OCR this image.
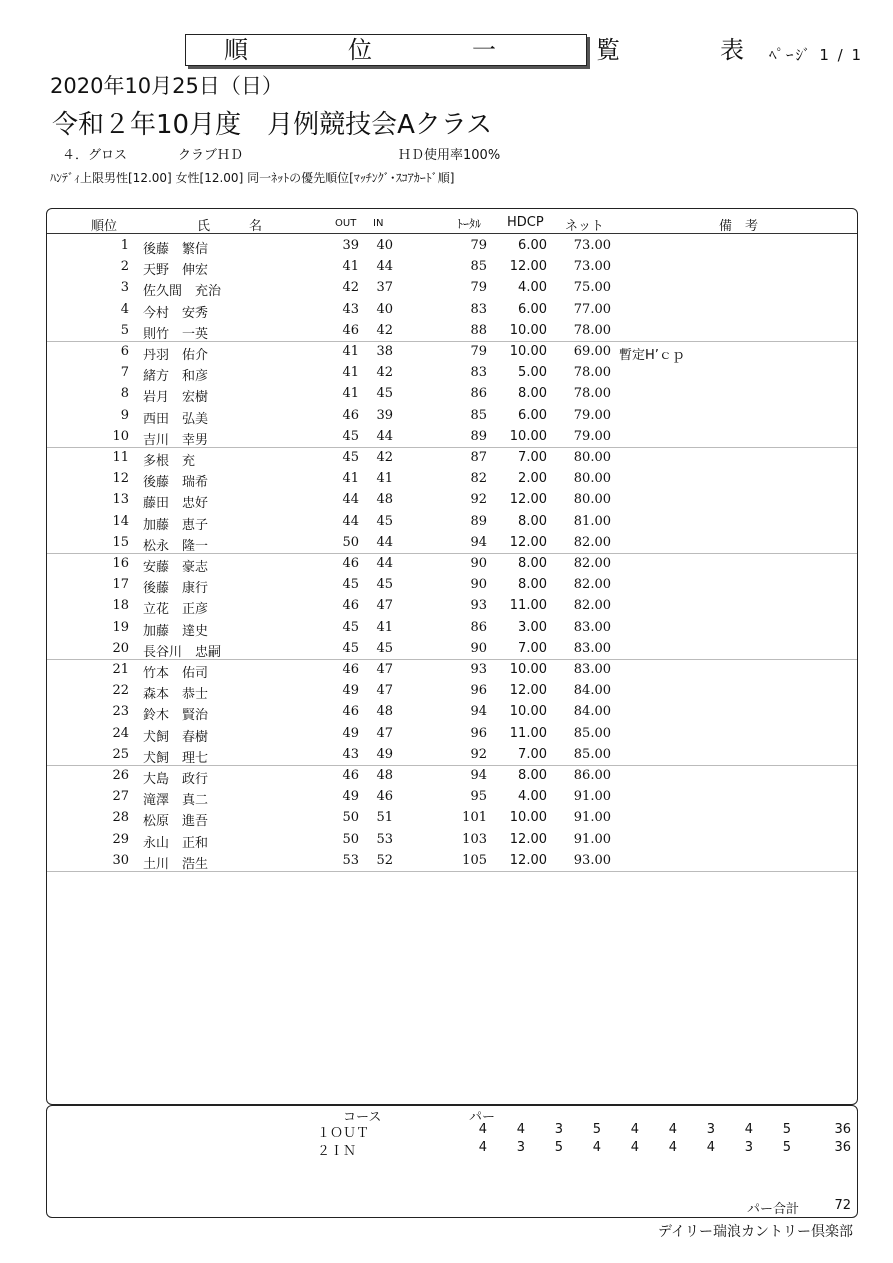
順　位　一　覧　表
ﾍﾟｰｼﾞ 1 / 1
2020年10月25日（日）
令和２年10月度　月例競技会Aクラス
４．グロス	クラブＨＤ	ＨＤ使用率100%
ﾊﾝﾃﾞｨ上限男性[12.00] 女性[12.00] 同一ﾈｯﾄの優先順位[ﾏｯﾁﾝｸﾞ･ｽｺｱｶｰﾄﾞ順]
順位	氏　　　名	OUT IN	ﾄｰﾀﾙ HDCP ネット	備　考
1 後藤　繁信	39	40	79	6.00	73.00
2 天野　伸宏	41	44	85	12.00	73.00
3 佐久間　充治	42	37	79	4.00	75.00
4 今村　安秀	43	40	83	6.00	77.00
5 則竹　一英	46	42	88	10.00	78.00
6 丹羽　佑介	41	38	79	10.00	69.00 暫定H’ｃｐ
7 緒方　和彦	41	42	83	5.00	78.00
8 岩月　宏樹	41	45	86	8.00	78.00
9 西田　弘美	46	39	85	6.00	79.00
10 吉川　幸男	45	44	89	10.00	79.00
11 多根　充	45	42	87	7.00	80.00
12 後藤　瑞希	41	41	82	2.00	80.00
13 藤田　忠好	44	48	92	12.00	80.00
14 加藤　恵子	44	45	89	8.00	81.00
15 松永　隆一	50	44	94	12.00	82.00
16 安藤　豪志	46	44	90	8.00	82.00
17 後藤　康行	45	45	90	8.00	82.00
18 立花　正彦	46	47	93	11.00	82.00
19 加藤　達史	45	41	86	3.00	83.00
20 長谷川　忠嗣	45	45	90	7.00	83.00
21 竹本　佑司	46	47	93	10.00	83.00
22 森本　恭士	49	47	96	12.00	84.00
23 鈴木　賢治	46	48	94	10.00	84.00
24 犬飼　春樹	49	47	96	11.00	85.00
25 犬飼　理七	43	49	92	7.00	85.00
26 大島　政行	46	48	94	8.00	86.00
27 滝澤　真二	49	46	95	4.00	91.00
28 松原　進吾	50	51	101	10.00	91.00
29 永山　正和	50	53	103	12.00	91.00
30 土川　浩生	53	52	105	12.00	93.00
コース	パー
１ＯＵＴ	4	4	3	5	4	4	3	4	5	36
２ＩＮ	4	3	5	4	4	4	4	3	5	36
パー合計	72
デイリー瑞浪カントリー倶楽部
